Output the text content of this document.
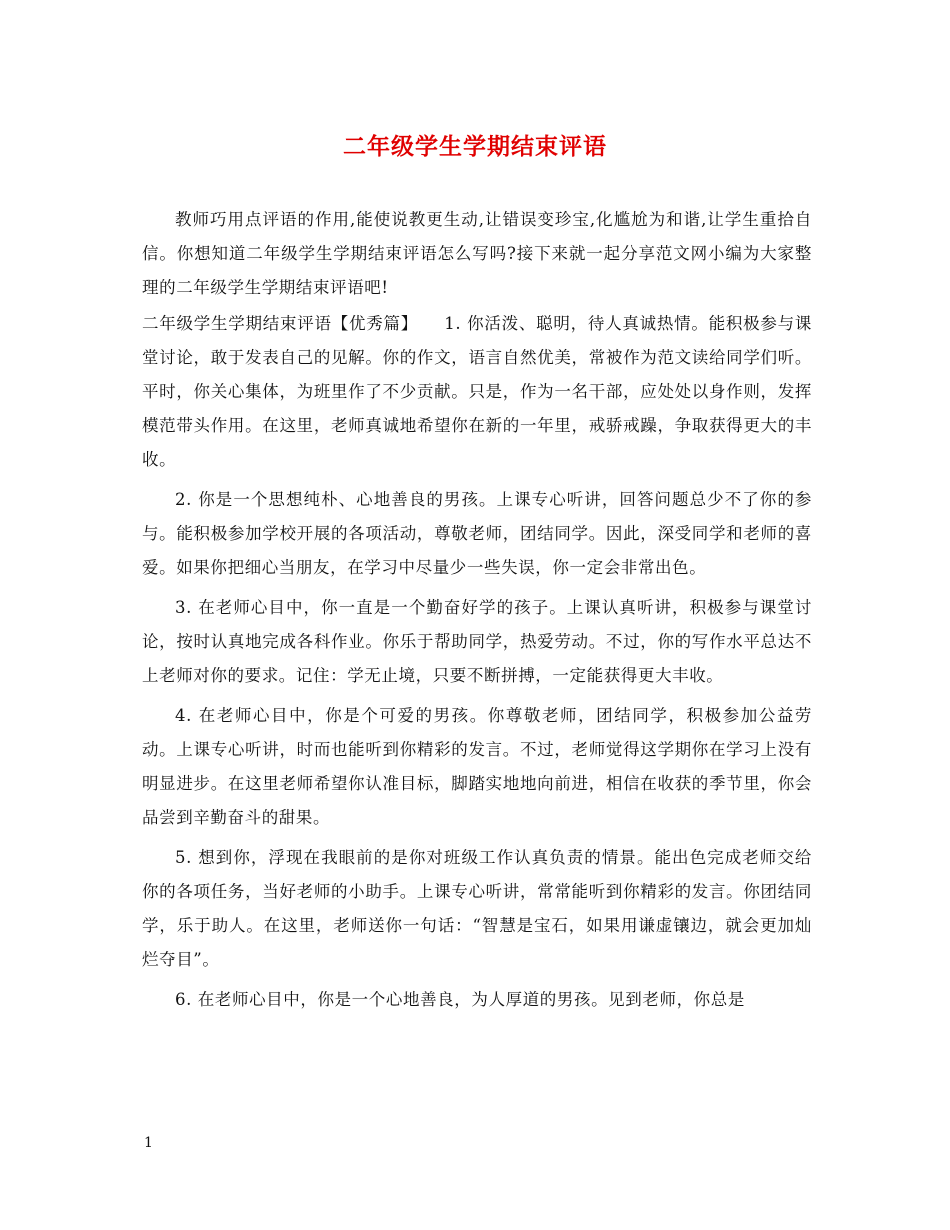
二年级学生学期结束评语

教师巧用点评语的作用,能使说教更生动,让错误变珍宝,化尴尬为和谐,让学生重拾自信。你想知道二年级学生学期结束评语怎么写吗?接下来就一起分享范文网小编为大家整理的二年级学生学期结束评语吧!

二年级学生学期结束评语【优秀篇】　　1. 你活泼、聪明，待人真诚热情。能积极参与课堂讨论，敢于发表自己的见解。你的作文，语言自然优美，常被作为范文读给同学们听。平时，你关心集体，为班里作了不少贡献。只是，作为一名干部，应处处以身作则，发挥模范带头作用。在这里，老师真诚地希望你在新的一年里，戒骄戒躁，争取获得更大的丰收。

2. 你是一个思想纯朴、心地善良的男孩。上课专心听讲，回答问题总少不了你的参与。能积极参加学校开展的各项活动，尊敬老师，团结同学。因此，深受同学和老师的喜爱。如果你把细心当朋友，在学习中尽量少一些失误，你一定会非常出色。

3. 在老师心目中，你一直是一个勤奋好学的孩子。上课认真听讲，积极参与课堂讨论，按时认真地完成各科作业。你乐于帮助同学，热爱劳动。不过，你的写作水平总达不上老师对你的要求。记住：学无止境，只要不断拼搏，一定能获得更大丰收。

4. 在老师心目中，你是个可爱的男孩。你尊敬老师，团结同学，积极参加公益劳动。上课专心听讲，时而也能听到你精彩的发言。不过，老师觉得这学期你在学习上没有明显进步。在这里老师希望你认准目标，脚踏实地地向前进，相信在收获的季节里，你会品尝到辛勤奋斗的甜果。

5. 想到你，浮现在我眼前的是你对班级工作认真负责的情景。能出色完成老师交给你的各项任务，当好老师的小助手。上课专心听讲，常常能听到你精彩的发言。你团结同学，乐于助人。在这里，老师送你一句话：“智慧是宝石，如果用谦虚镶边，就会更加灿烂夺目”。

6. 在老师心目中，你是一个心地善良，为人厚道的男孩。见到老师，你总是

1
